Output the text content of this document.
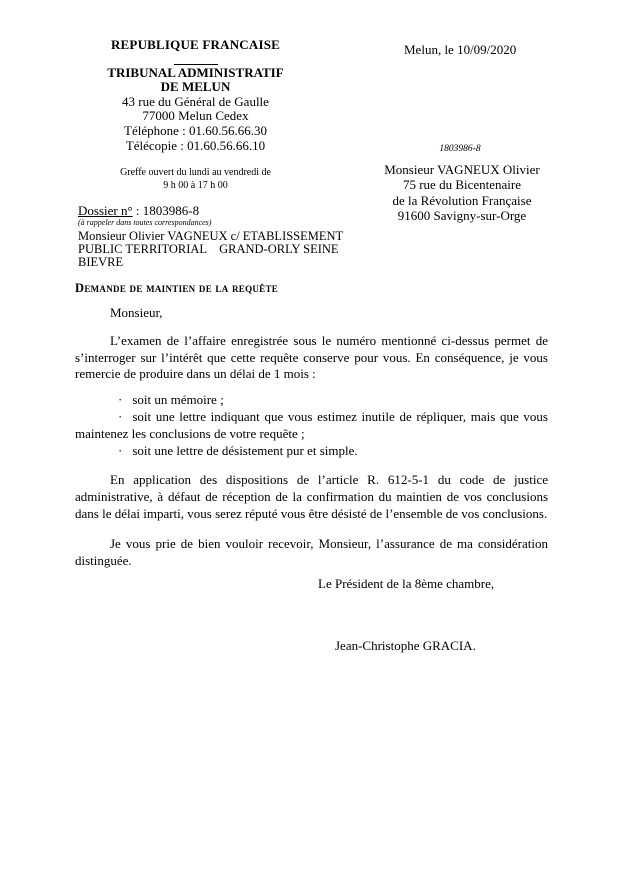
REPUBLIQUE FRANCAISE
TRIBUNAL ADMINISTRATIF
DE MELUN
43 rue du Général de Gaulle
77000 Melun Cedex
Téléphone : 01.60.56.66.30
Télécopie : 01.60.56.66.10
Melun, le 10/09/2020
Greffe ouvert du lundi au vendredi de
9 h 00 à 17 h 00
1803986-8
Monsieur VAGNEUX Olivier
75 rue du Bicentenaire
de la Révolution Française
91600 Savigny-sur-Orge
Dossier n° : 1803986-8
(à rappeler dans toutes correspondances)
Monsieur Olivier VAGNEUX c/ ETABLISSEMENT
PUBLIC TERRITORIAL    GRAND-ORLY SEINE
BIEVRE
Demande de maintien de la requête

Monsieur,

L’examen de l’affaire enregistrée sous le numéro mentionné ci-dessus permet de s’interroger sur l’intérêt que cette requête conserve pour vous. En conséquence, je vous remercie de produire dans un délai de 1 mois :

· soit un mémoire ;

· soit une lettre indiquant que vous estimez inutile de répliquer, mais que vous maintenez les conclusions de votre requête ;

· soit une lettre de désistement pur et simple.

En application des dispositions de l’article R. 612-5-1 du code de justice administrative, à défaut de réception de la confirmation du maintien de vos conclusions dans le délai imparti, vous serez réputé vous être désisté de l’ensemble de vos conclusions.

Je vous prie de bien vouloir recevoir, Monsieur, l’assurance de ma considération distinguée.

Le Président de la 8ème chambre,
Jean-Christophe GRACIA.
